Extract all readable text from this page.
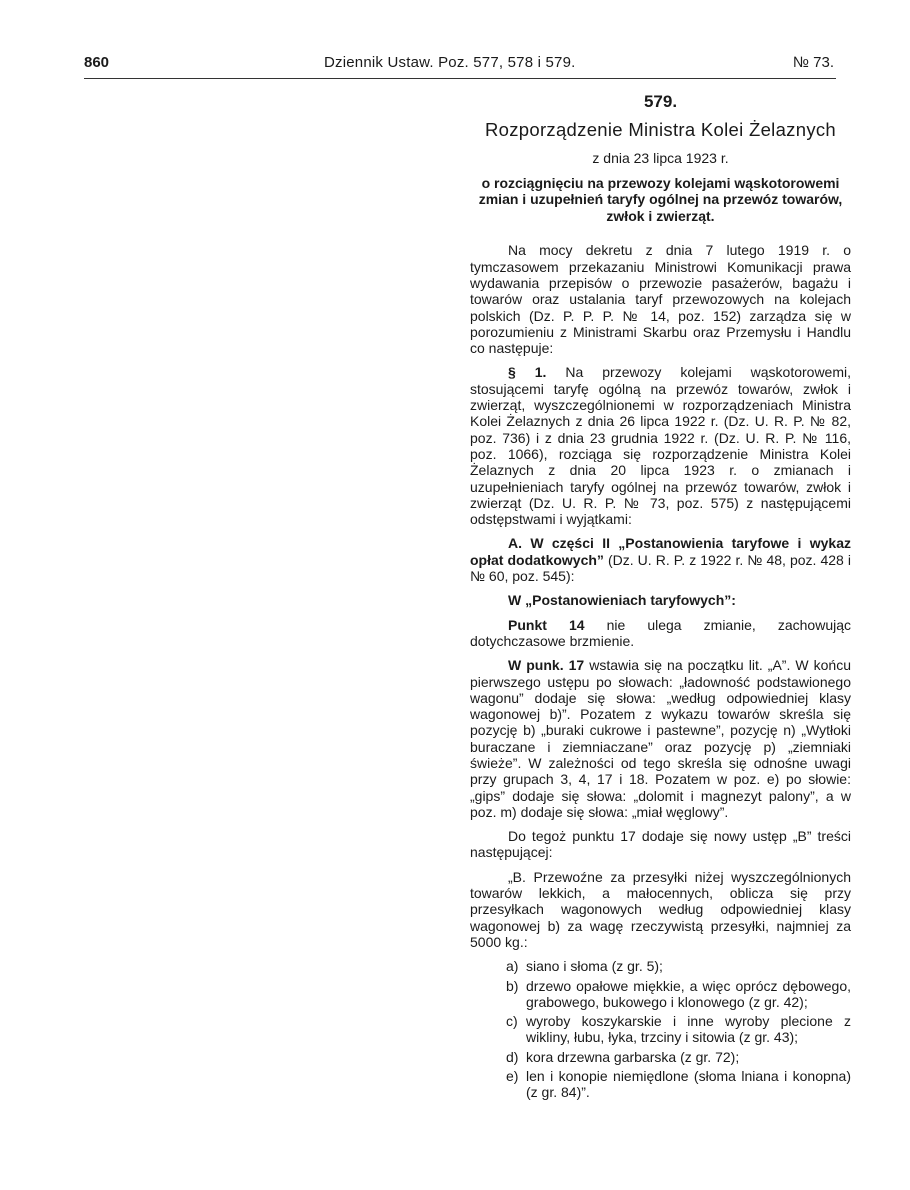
860	Dziennik Ustaw. Poz. 577, 578 i 579.	№ 73.
579.
Rozporządzenie Ministra Kolei Żelaznych
z dnia 23 lipca 1923 r.
o rozciągnięciu na przewozy kolejami wąskotorowemi zmian i uzupełnień taryfy ogólnej na przewóz towarów, zwłok i zwierząt.
Na mocy dekretu z dnia 7 lutego 1919 r. o tymczasowem przekazaniu Ministrowi Komunikacji prawa wydawania przepisów o przewozie pasażerów, bagażu i towarów oraz ustalania taryf przewozowych na kolejach polskich (Dz. P. P. P. № 14, poz. 152) zarządza się w porozumieniu z Ministrami Skarbu oraz Przemysłu i Handlu co następuje:
§ 1. Na przewozy kolejami wąskotorowemi, stosującemi taryfę ogólną na przewóz towarów, zwłok i zwierząt, wyszczególnionemi w rozporządzeniach Ministra Kolei Żelaznych z dnia 26 lipca 1922 r. (Dz. U. R. P. № 82, poz. 736) i z dnia 23 grudnia 1922 r. (Dz. U. R. P. № 116, poz. 1066), rozciąga się rozporządzenie Ministra Kolei Żelaznych z dnia 20 lipca 1923 r. o zmianach i uzupełnieniach taryfy ogólnej na przewóz towarów, zwłok i zwierząt (Dz. U. R. P. № 73, poz. 575) z następującemi odstępstwami i wyjątkami:
A. W części II „Postanowienia taryfowe i wykaz opłat dodatkowych” (Dz. U. R. P. z 1922 r. № 48, poz. 428 i № 60, poz. 545):
W „Postanowieniach taryfowych”:
Punkt 14 nie ulega zmianie, zachowując dotychczasowe brzmienie.
W punk. 17 wstawia się na początku lit. „A”. W końcu pierwszego ustępu po słowach: „ładowność podstawionego wagonu” dodaje się słowa: „według odpowiedniej klasy wagonowej b)”. Pozatem z wykazu towarów skreśla się pozycję b) „buraki cukrowe i pastewne”, pozycję n) „Wytłoki buraczane i ziemniaczane” oraz pozycję p) „ziemniaki świeże”. W zależności od tego skreśla się odnośne uwagi przy grupach 3, 4, 17 i 18. Pozatem w poz. e) po słowie: „gips” dodaje się słowa: „dolomit i magnezyt palony”, a w poz. m) dodaje się słowa: „miał węglowy”.
Do tegoż punktu 17 dodaje się nowy ustęp „B” treści następującej:
„B. Przewoźne za przesyłki niżej wyszczególnionych towarów lekkich, a małocennych, oblicza się przy przesyłkach wagonowych według odpowiedniej klasy wagonowej b) za wagę rzeczywistą przesyłki, najmniej za 5000 kg.:
a) siano i słoma (z gr. 5);
b) drzewo opałowe miękkie, a więc oprócz dębowego, grabowego, bukowego i klonowego (z gr. 42);
c) wyroby koszykarskie i inne wyroby plecione z wikliny, łubu, łyka, trzciny i sitowia (z gr. 43);
d) kora drzewna garbarska (z gr. 72);
e) len i konopie niemiędlone (słoma lniana i konopna) (z gr. 84)”.
